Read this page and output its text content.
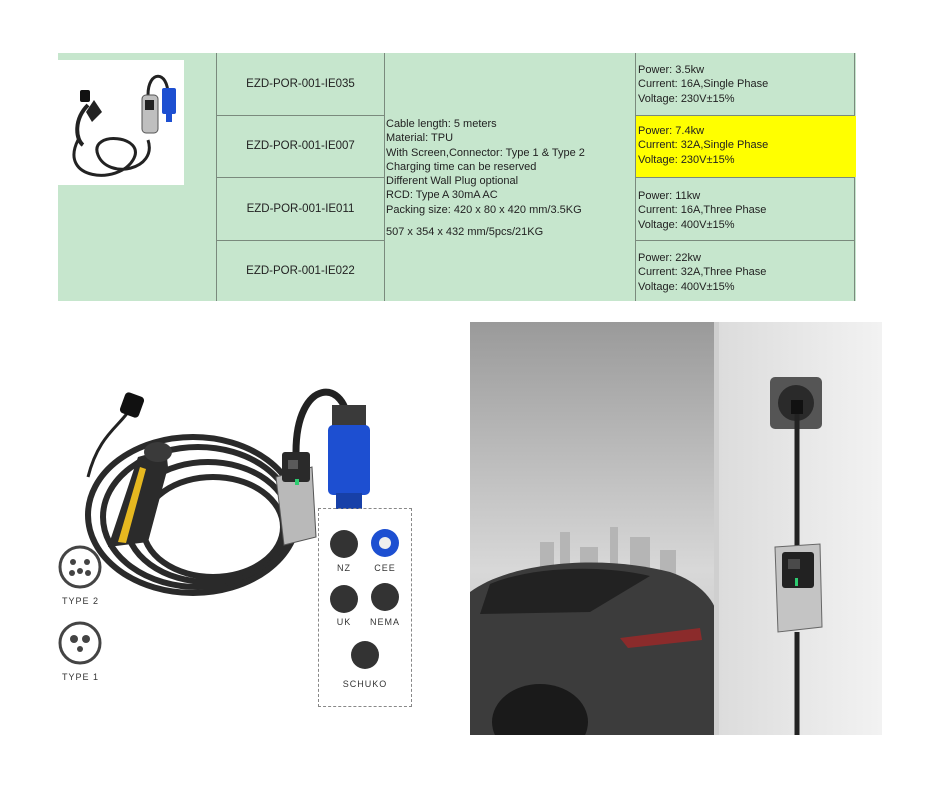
EZD-POR-001-IE035
EZD-POR-001-IE007
EZD-POR-001-IE011
EZD-POR-001-IE022
Cable length: 5 meters
Material: TPU
With Screen,Connector: Type 1 & Type 2
Charging time can be reserved
Different Wall Plug optional
RCD: Type A 30mA AC
Packing size: 420 x 80 x 420 mm/3.5KG
507 x 354 x 432 mm/5pcs/21KG
Power: 3.5kw
Current: 16A,Single Phase
Voltage: 230V±15%
Power: 7.4kw
Current: 32A,Single Phase
Voltage: 230V±15%
Power: 11kw
Current: 16A,Three Phase
Voltage: 400V±15%
Power: 22kw
Current: 32A,Three Phase
Voltage: 400V±15%
TYPE 2
TYPE 1
NZ	CEE
UK	NEMA
SCHUKO
